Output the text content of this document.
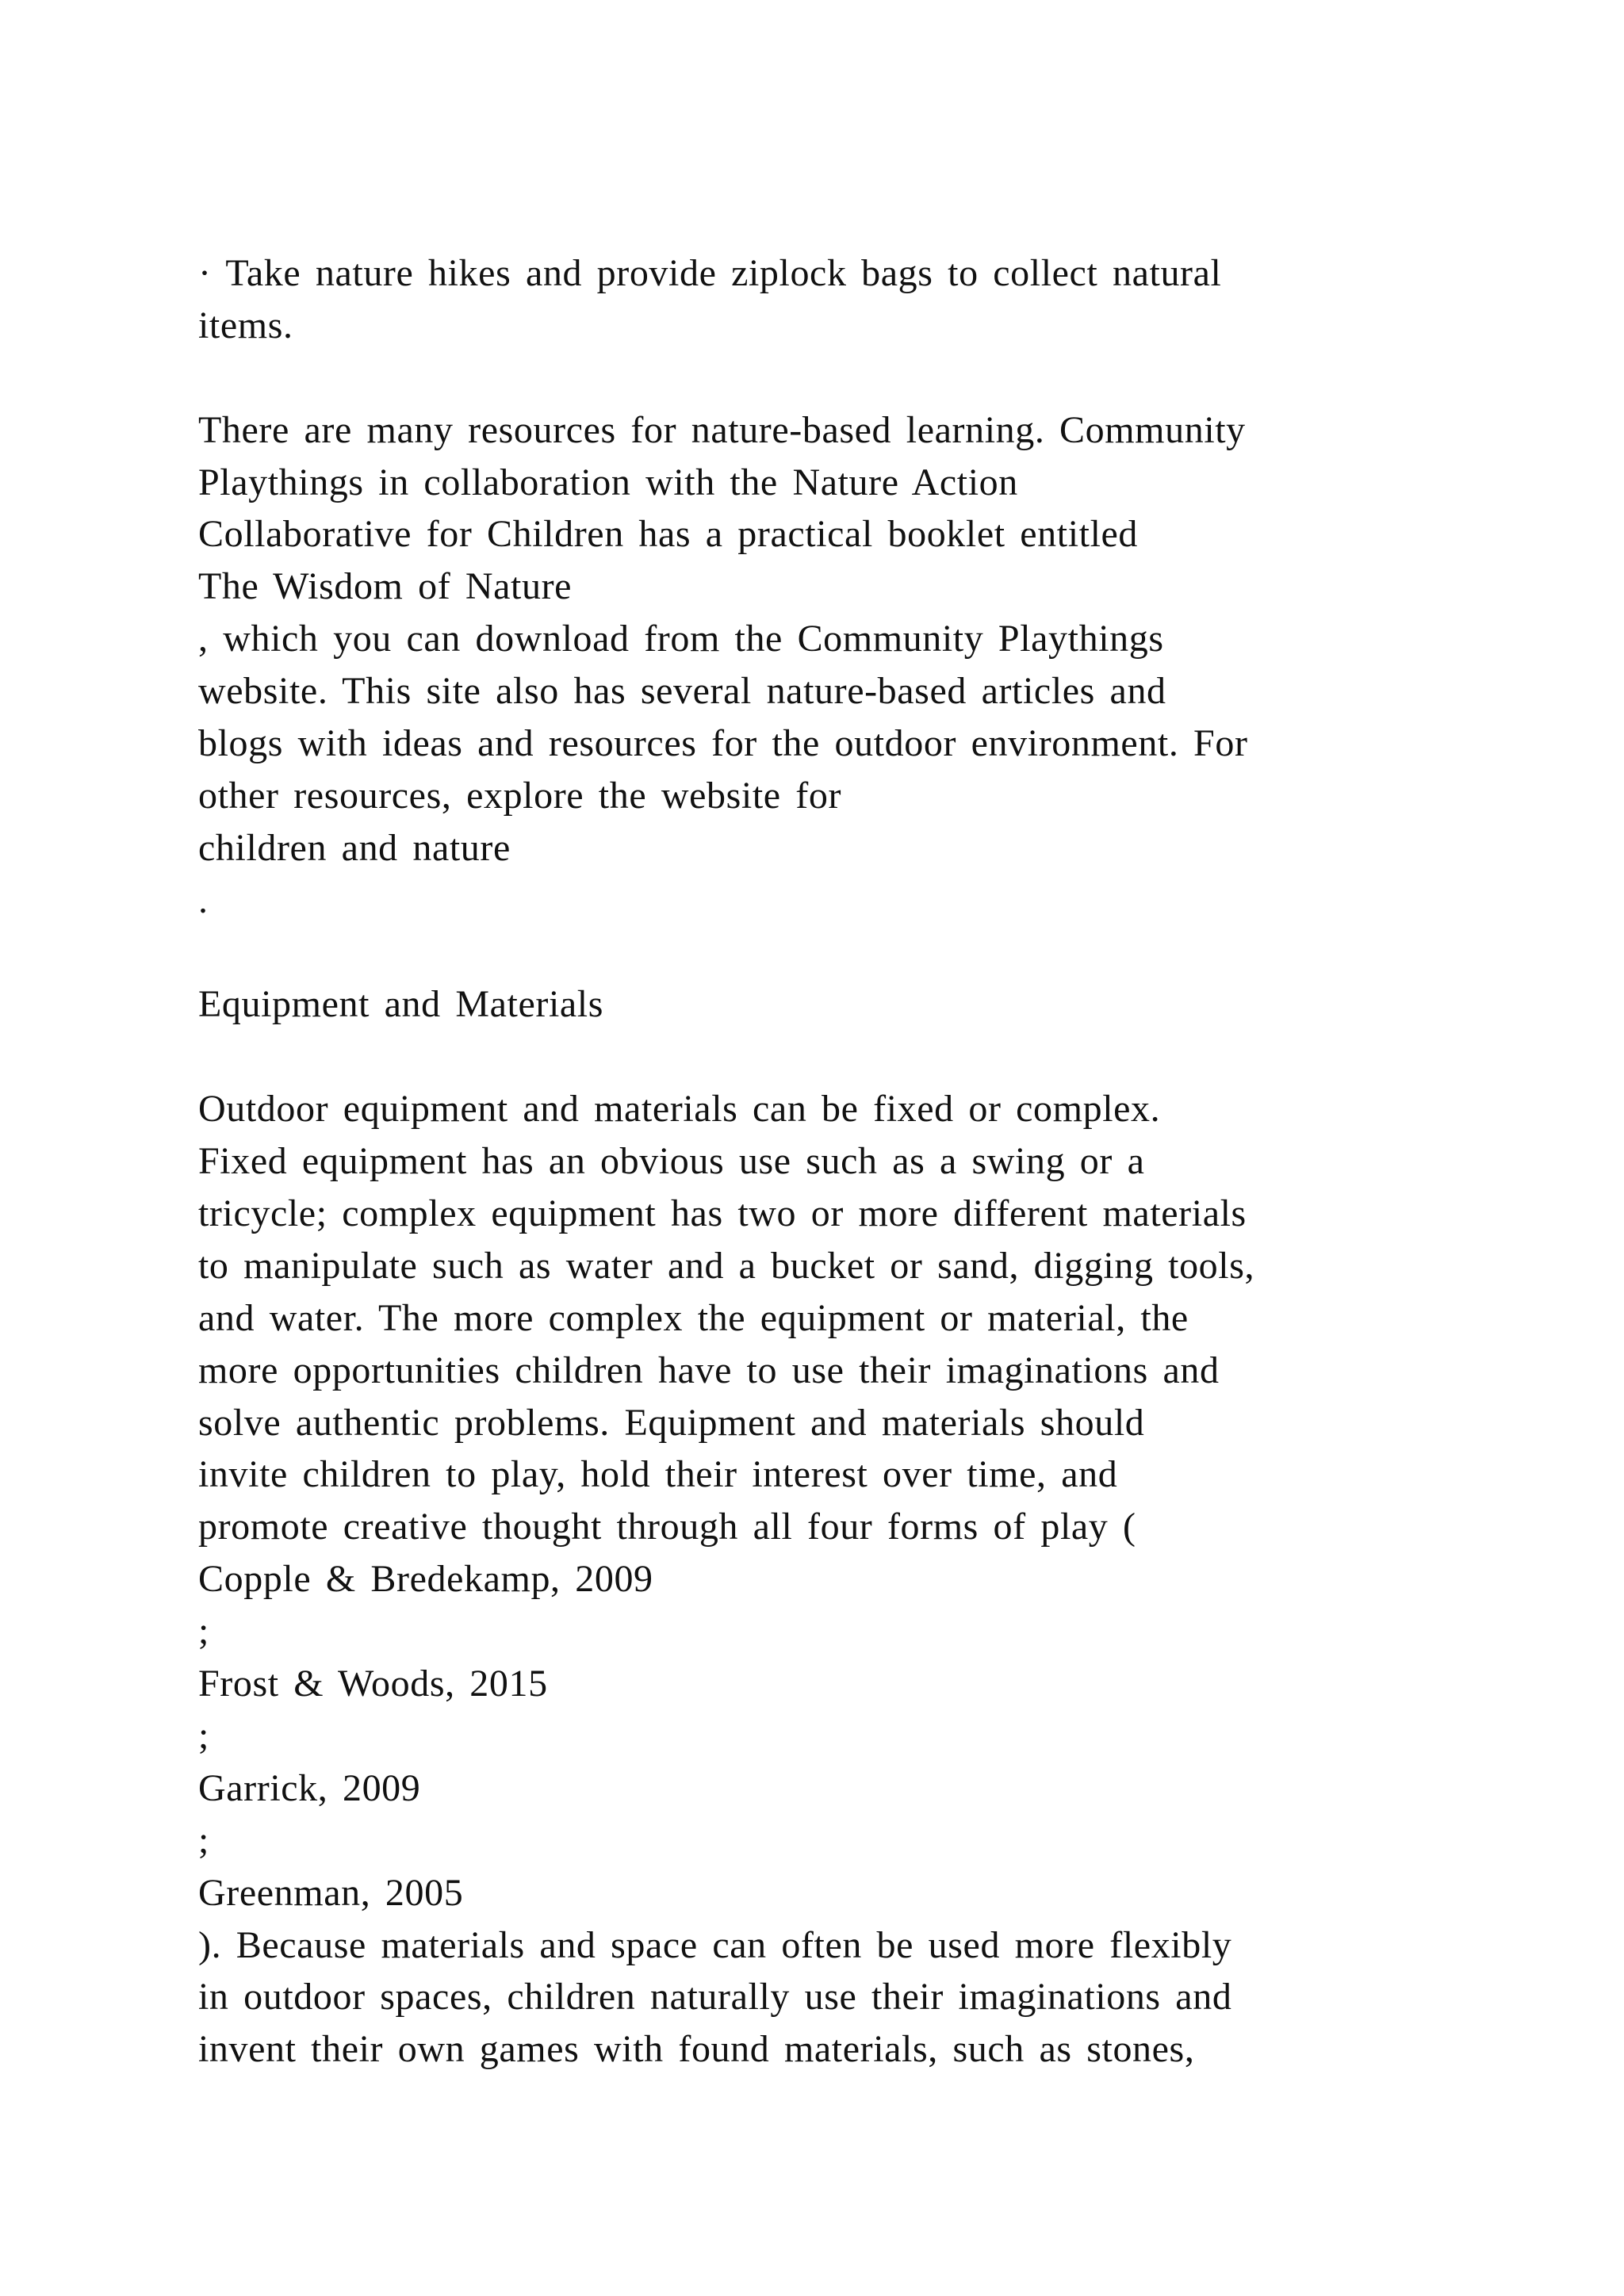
· Take nature hikes and provide ziplock bags to collect natural
items.
There are many resources for nature-based learning. Community
Playthings in collaboration with the Nature Action
Collaborative for Children has a practical booklet entitled
The Wisdom of Nature
, which you can download from the Community Playthings
website. This site also has several nature-based articles and
blogs with ideas and resources for the outdoor environment. For
other resources, explore the website for
children and nature
.
Equipment and Materials
Outdoor equipment and materials can be fixed or complex.
Fixed equipment has an obvious use such as a swing or a
tricycle; complex equipment has two or more different materials
to manipulate such as water and a bucket or sand, digging tools,
and water. The more complex the equipment or material, the
more opportunities children have to use their imaginations and
solve authentic problems. Equipment and materials should
invite children to play, hold their interest over time, and
promote creative thought through all four forms of play (
Copple & Bredekamp, 2009
;
Frost & Woods, 2015
;
Garrick, 2009
;
Greenman, 2005
). Because materials and space can often be used more flexibly
in outdoor spaces, children naturally use their imaginations and
invent their own games with found materials, such as stones,
